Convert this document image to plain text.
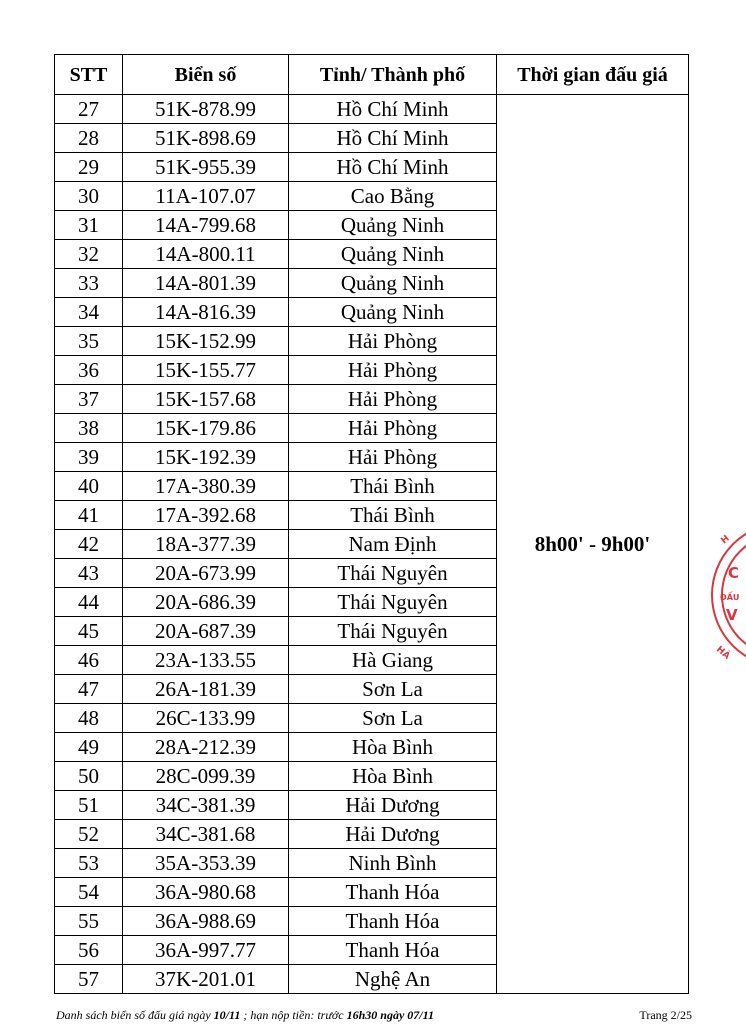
STT	Biển số	Tỉnh/ Thành phố	Thời gian đấu giá
27	51K-878.99	Hồ Chí Minh	8h00' - 9h00'
28	51K-898.69	Hồ Chí Minh	
29	51K-955.39	Hồ Chí Minh	
30	11A-107.07	Cao Bằng	
31	14A-799.68	Quảng Ninh	
32	14A-800.11	Quảng Ninh	
33	14A-801.39	Quảng Ninh	
34	14A-816.39	Quảng Ninh	
35	15K-152.99	Hải Phòng	
36	15K-155.77	Hải Phòng	
37	15K-157.68	Hải Phòng	
38	15K-179.86	Hải Phòng	
39	15K-192.39	Hải Phòng	
40	17A-380.39	Thái Bình	
41	17A-392.68	Thái Bình	
42	18A-377.39	Nam Định	
43	20A-673.99	Thái Nguyên	
44	20A-686.39	Thái Nguyên	
45	20A-687.39	Thái Nguyên	
46	23A-133.55	Hà Giang	
47	26A-181.39	Sơn La	
48	26C-133.99	Sơn La	
49	28A-212.39	Hòa Bình	
50	28C-099.39	Hòa Bình	
51	34C-381.39	Hải Dương	
52	34C-381.68	Hải Dương	
53	35A-353.39	Ninh Bình	
54	36A-980.68	Thanh Hóa	
55	36A-988.69	Thanh Hóa	
56	36A-997.77	Thanh Hóa	
57	37K-201.01	Nghệ An	
Danh sách biển số đấu giá ngày 10/11 ; hạn nộp tiền: trước 16h30 ngày 07/11	Trang 2/25
H
C
ĐẤU
V
HÀ
